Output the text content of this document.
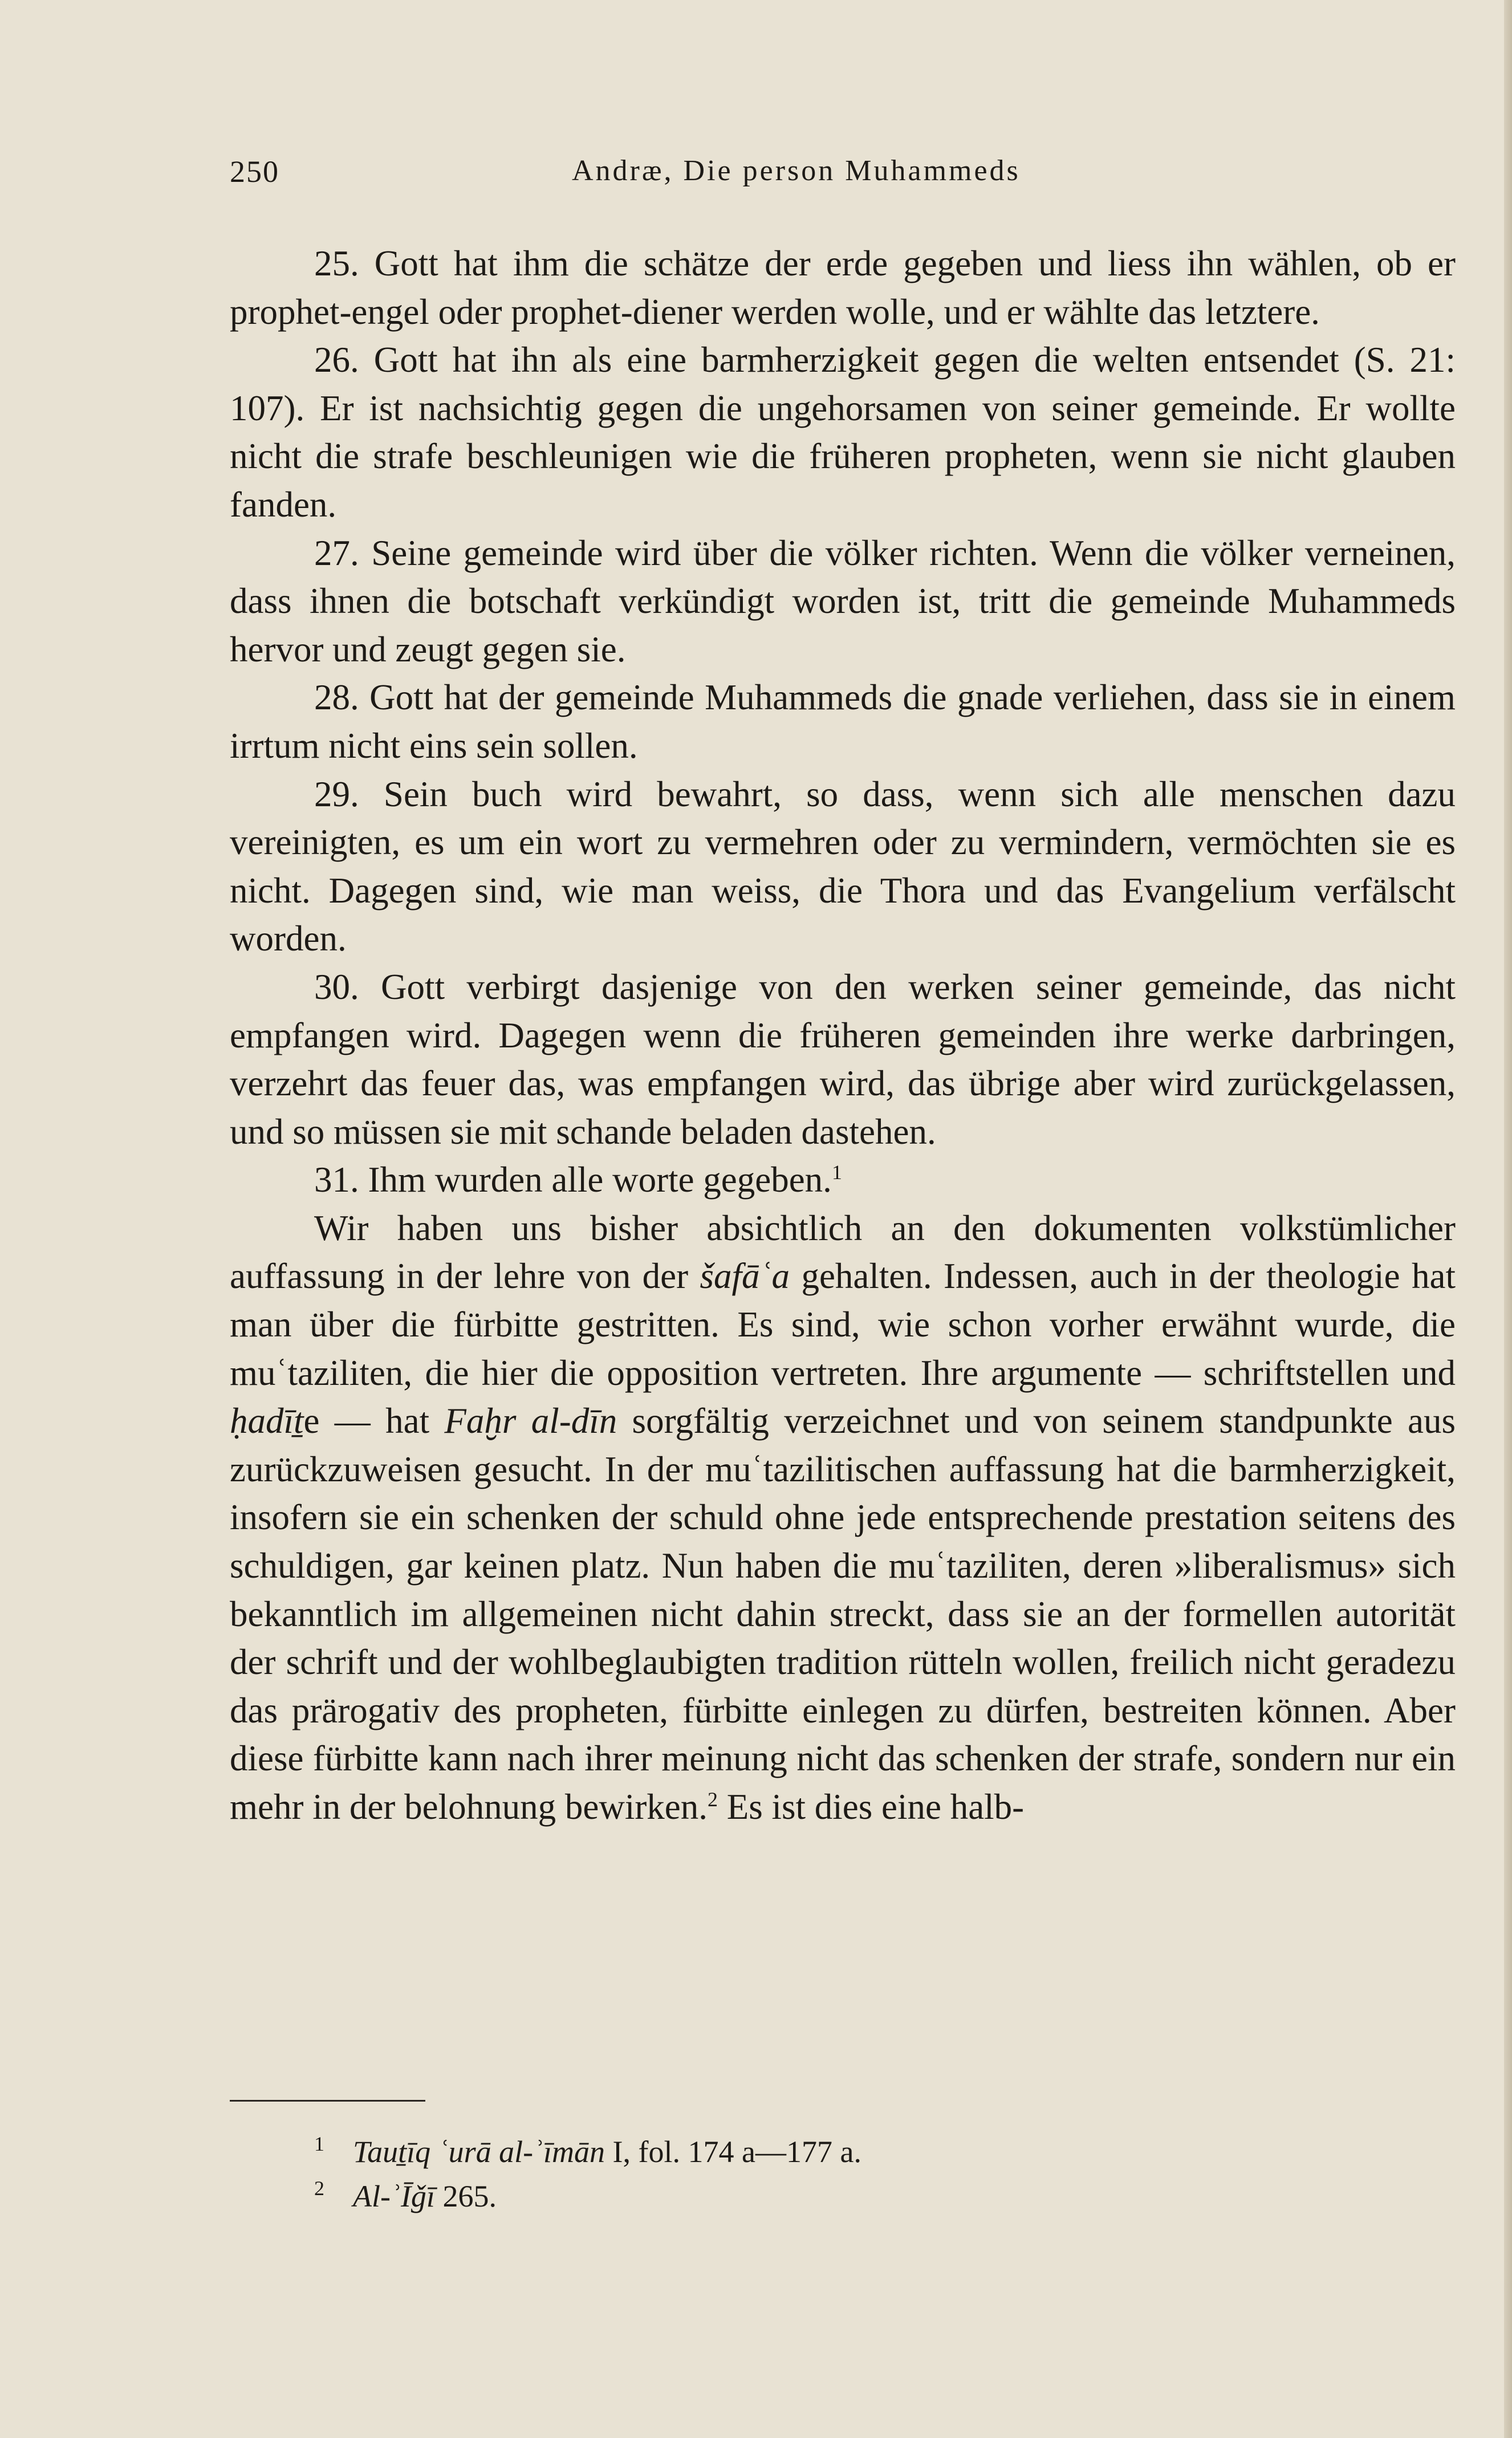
250	Andræ, Die person Muhammeds

25. Gott hat ihm die schätze der erde gegeben und liess ihn wählen, ob er prophet-engel oder prophet-diener werden wolle, und er wählte das letztere.

26. Gott hat ihn als eine barmherzigkeit gegen die welten entsendet (S. 21: 107). Er ist nachsichtig gegen die ungehorsamen von seiner gemeinde. Er wollte nicht die strafe beschleunigen wie die früheren propheten, wenn sie nicht glauben fanden.

27. Seine gemeinde wird über die völker richten. Wenn die völker verneinen, dass ihnen die botschaft verkündigt worden ist, tritt die gemeinde Muhammeds hervor und zeugt gegen sie.

28. Gott hat der gemeinde Muhammeds die gnade verliehen, dass sie in einem irrtum nicht eins sein sollen.

29. Sein buch wird bewahrt, so dass, wenn sich alle menschen dazu vereinigten, es um ein wort zu vermehren oder zu vermindern, vermöchten sie es nicht. Dagegen sind, wie man weiss, die Thora und das Evangelium verfälscht worden.

30. Gott verbirgt dasjenige von den werken seiner gemeinde, das nicht empfangen wird. Dagegen wenn die früheren gemeinden ihre werke darbringen, verzehrt das feuer das, was empfangen wird, das übrige aber wird zurückgelassen, und so müssen sie mit schande beladen dastehen.

31. Ihm wurden alle worte gegeben.$^1$

Wir haben uns bisher absichtlich an den dokumenten volkstümlicher auffassung in der lehre von der šafāʿa gehalten. Indessen, auch in der theologie hat man über die fürbitte gestritten. Es sind, wie schon vorher erwähnt wurde, die muʿtaziliten, die hier die opposition vertreten. Ihre argumente — schriftstellen und ḥadīṯe — hat Faḫr al-dīn sorgfältig verzeichnet und von seinem standpunkte aus zurückzuweisen gesucht. In der muʿtazilitischen auffassung hat die barmherzigkeit, insofern sie ein schenken der schuld ohne jede entsprechende prestation seitens des schuldigen, gar keinen platz. Nun haben die muʿtaziliten, deren »liberalismus» sich bekanntlich im allgemeinen nicht dahin streckt, dass sie an der formellen autorität der schrift und der wohlbeglaubigten tradition rütteln wollen, freilich nicht geradezu das prärogativ des propheten, fürbitte einlegen zu dürfen, bestreiten können. Aber diese fürbitte kann nach ihrer meinung nicht das schenken der strafe, sondern nur ein mehr in der belohnung bewirken.$^2$ Es ist dies eine halb-

1 Tauṯīq ʿurā al-ʾīmān I, fol. 174 a—177 a.
2 Al-ʾĪǧī 265.
